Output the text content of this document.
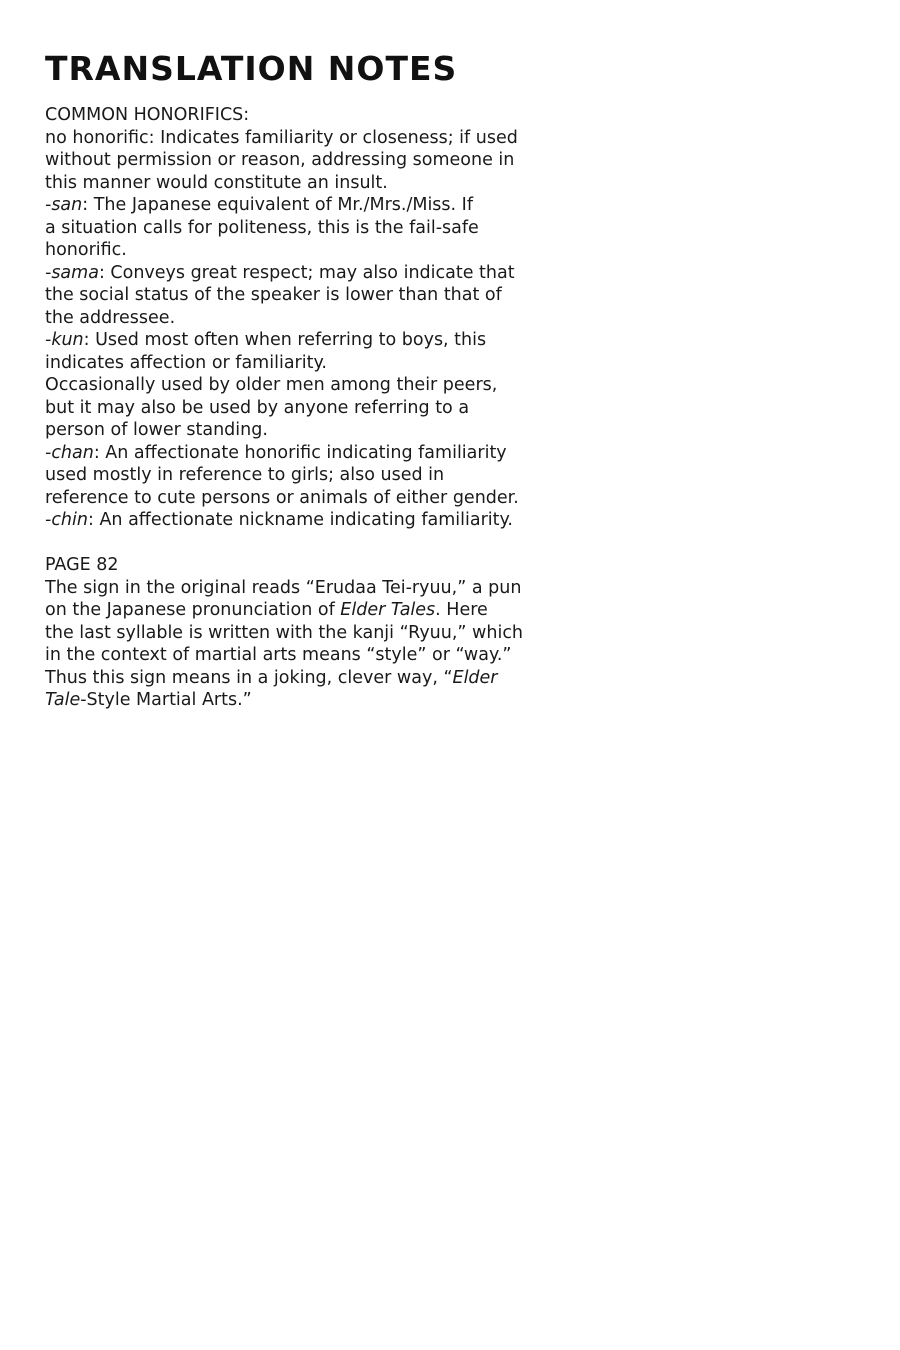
TRANSLATION NOTES
COMMON HONORIFICS:
no honorific: Indicates familiarity or closeness; if used
without permission or reason, addressing someone in
this manner would constitute an insult.
-san: The Japanese equivalent of Mr./Mrs./Miss. If
a situation calls for politeness, this is the fail-safe
honorific.
-sama: Conveys great respect; may also indicate that
the social status of the speaker is lower than that of
the addressee.
-kun: Used most often when referring to boys, this
indicates affection or familiarity.
Occasionally used by older men among their peers,
but it may also be used by anyone referring to a
person of lower standing.
-chan: An affectionate honorific indicating familiarity
used mostly in reference to girls; also used in
reference to cute persons or animals of either gender.
-chin: An affectionate nickname indicating familiarity.
PAGE 82
The sign in the original reads “Erudaa Tei-ryuu,” a pun
on the Japanese pronunciation of Elder Tales. Here
the last syllable is written with the kanji “Ryuu,” which
in the context of martial arts means “style” or “way.”
Thus this sign means in a joking, clever way, “Elder
Tale-Style Martial Arts.”
